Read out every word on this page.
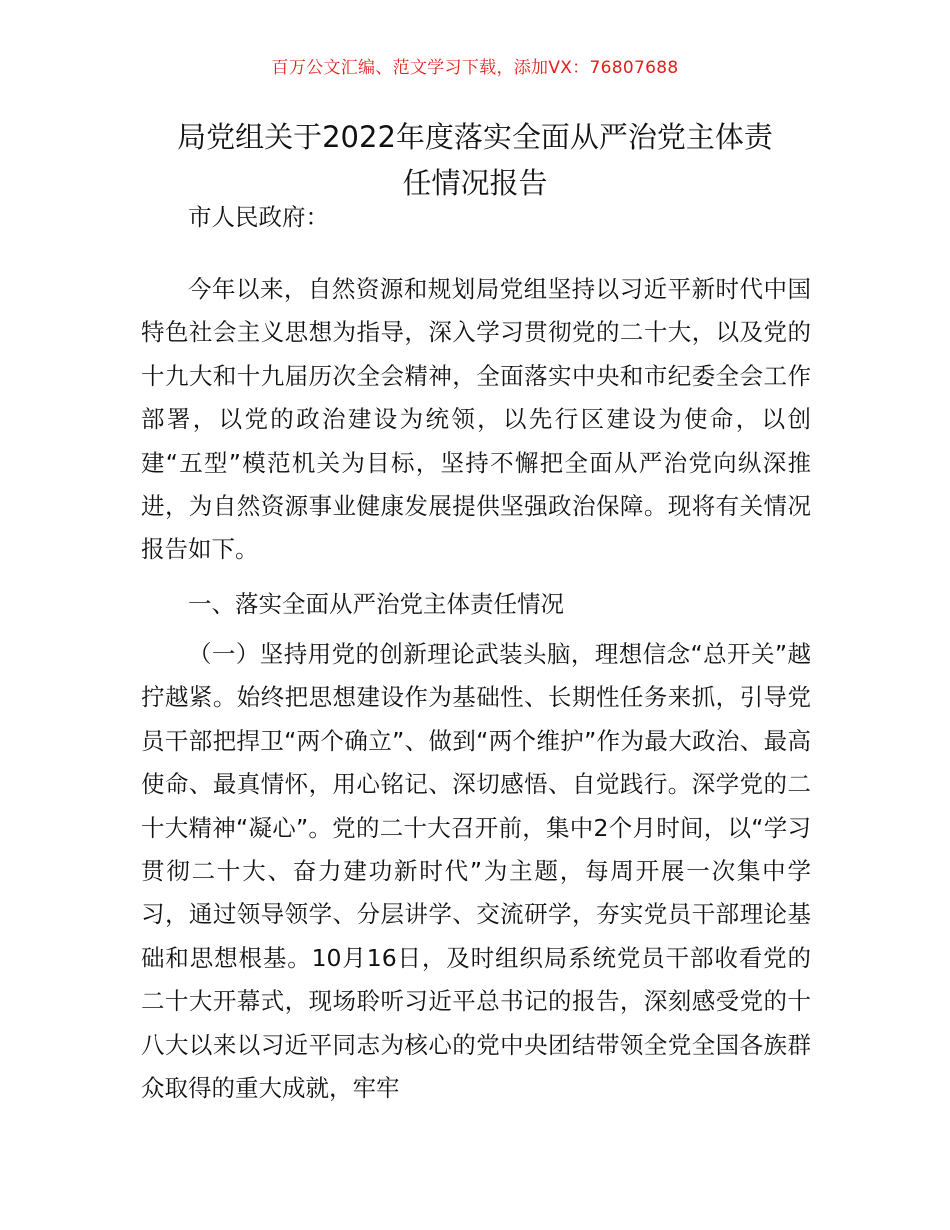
百万公文汇编、范文学习下载，添加VX：76807688
局党组关于2022年度落实全面从严治党主体责
任情况报告

市人民政府：

今年以来，自然资源和规划局党组坚持以习近平新时代中国特色社会主义思想为指导，深入学习贯彻党的二十大，以及党的十九大和十九届历次全会精神，全面落实中央和市纪委全会工作部署，以党的政治建设为统领，以先行区建设为使命，以创建“五型”模范机关为目标，坚持不懈把全面从严治党向纵深推进，为自然资源事业健康发展提供坚强政治保障。现将有关情况报告如下。

一、落实全面从严治党主体责任情况

（一）坚持用党的创新理论武装头脑，理想信念“总开关”越拧越紧。始终把思想建设作为基础性、长期性任务来抓，引导党员干部把捍卫“两个确立”、做到“两个维护”作为最大政治、最高使命、最真情怀，用心铭记、深切感悟、自觉践行。深学党的二十大精神“凝心”。党的二十大召开前，集中2个月时间，以“学习贯彻二十大、奋力建功新时代”为主题，每周开展一次集中学习，通过领导领学、分层讲学、交流研学，夯实党员干部理论基础和思想根基。10月16日，及时组织局系统党员干部收看党的二十大开幕式，现场聆听习近平总书记的报告，深刻感受党的十八大以来以习近平同志为核心的党中央团结带领全党全国各族群众取得的重大成就，牢牢
